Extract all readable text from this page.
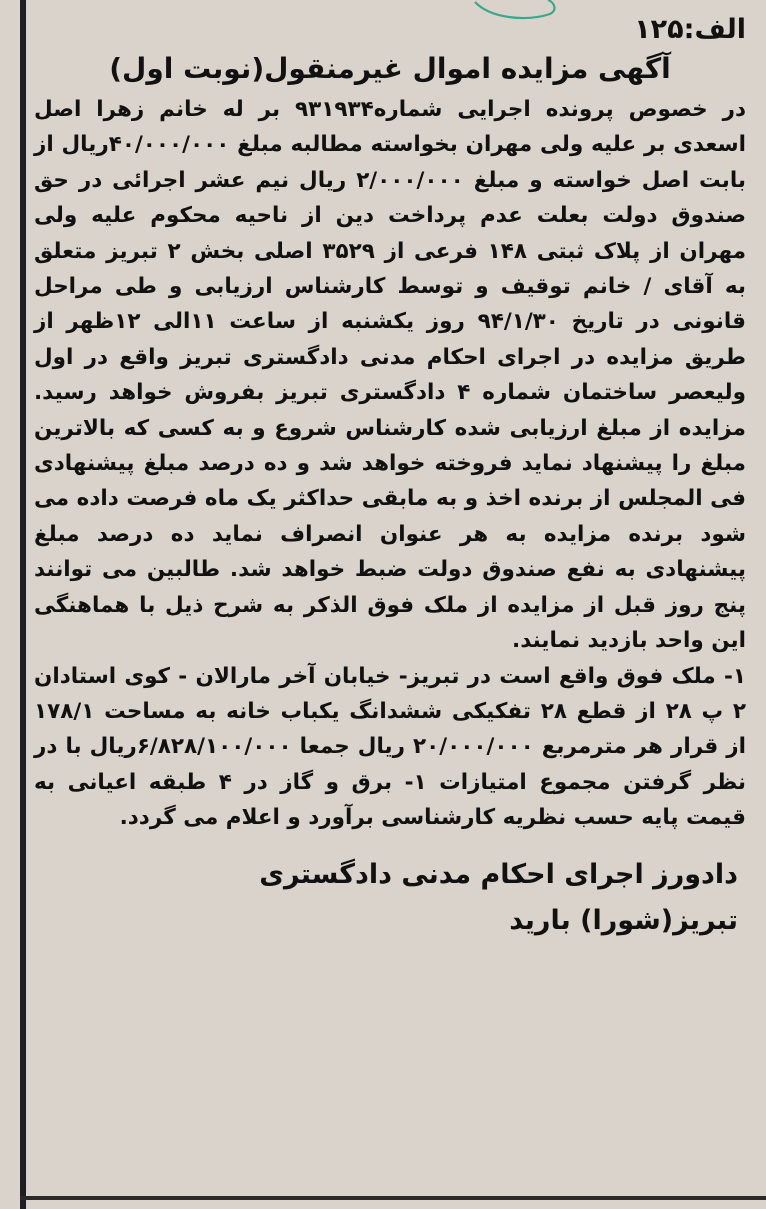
الف:۱۲۵
آگهی مزایده اموال غیرمنقول(نوبت اول)

در خصوص پرونده اجرایی شماره۹۳۱۹۳۴ بر له خانم زهرا اصل اسعدی بر علیه ولی مهران بخواسته مطالبه مبلغ ۴۰/۰۰۰/۰۰۰ریال از بابت اصل خواسته و مبلغ ۲/۰۰۰/۰۰۰ ریال نیم عشر اجرائی در حق صندوق دولت بعلت عدم پرداخت دین از ناحیه محکوم علیه ولی مهران از پلاک ثبتی ۱۴۸ فرعی از ۳۵۲۹ اصلی بخش ۲ تبریز متعلق به آقای / خانم توقیف و توسط کارشناس ارزیابی و طی مراحل قانونی در تاریخ ۹۴/۱/۳۰ روز یکشنبه از ساعت ۱۱الی ۱۲ظهر از طریق مزایده در اجرای احکام مدنی دادگستری تبریز واقع در اول ولیعصر ساختمان شماره ۴ دادگستری تبریز بفروش خواهد رسید. مزایده از مبلغ ارزیابی شده کارشناس شروع و به کسی که بالاترین مبلغ را پیشنهاد نماید فروخته خواهد شد و ده درصد مبلغ پیشنهادی فی المجلس از برنده اخذ و به مابقی حداکثر یک ماه فرصت داده می شود برنده مزایده به هر عنوان انصراف نماید ده درصد مبلغ پیشنهادی به نفع صندوق دولت ضبط خواهد شد. طالبین می توانند پنج روز قبل از مزایده از ملک فوق الذکر به شرح ذیل با هماهنگی این واحد بازدید نمایند.

۱- ملک فوق واقع است در تبریز- خیابان آخر مارالان - کوی استادان ۲ پ ۲۸ از قطع ۲۸ تفکیکی ششدانگ یکباب خانه به مساحت ۱۷۸/۱ از قرار هر مترمربع ۲۰/۰۰۰/۰۰۰ ریال جمعا ۶/۸۲۸/۱۰۰/۰۰۰ریال با در نظر گرفتن مجموع امتیازات ۱- برق و گاز در ۴ طبقه اعیانی به قیمت پایه حسب نظریه کارشناسی برآورد و اعلام می گردد.

دادورز اجرای احکام مدنی دادگستری
تبریز(شورا) بارید
